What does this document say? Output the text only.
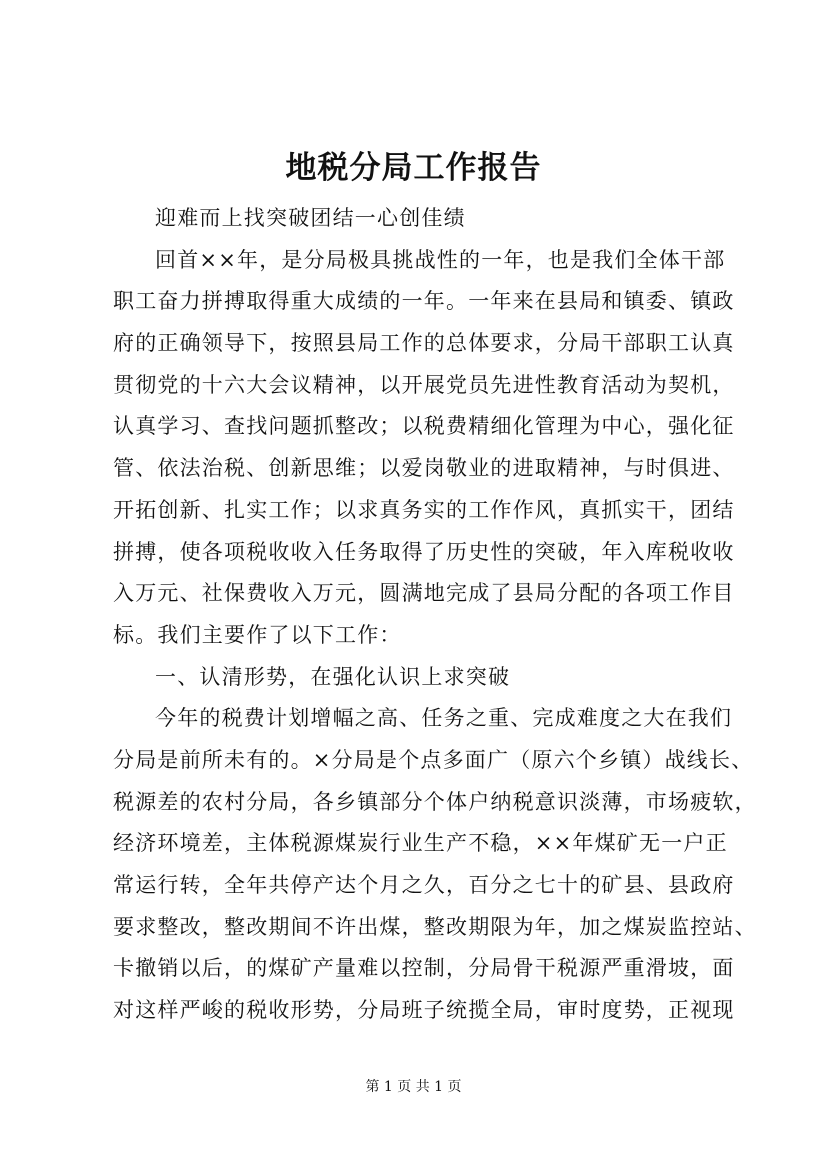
地税分局工作报告
迎难而上找突破团结一心创佳绩
回首××年，是分局极具挑战性的一年，也是我们全体干部
职工奋力拼搏取得重大成绩的一年。一年来在县局和镇委、镇政
府的正确领导下，按照县局工作的总体要求，分局干部职工认真
贯彻党的十六大会议精神，以开展党员先进性教育活动为契机，
认真学习、查找问题抓整改；以税费精细化管理为中心，强化征
管、依法治税、创新思维；以爱岗敬业的进取精神，与时俱进、
开拓创新、扎实工作；以求真务实的工作作风，真抓实干，团结
拼搏，使各项税收收入任务取得了历史性的突破，年入库税收收
入万元、社保费收入万元，圆满地完成了县局分配的各项工作目
标。我们主要作了以下工作：
一、认清形势，在强化认识上求突破
今年的税费计划增幅之高、任务之重、完成难度之大在我们
分局是前所未有的。×分局是个点多面广（原六个乡镇）战线长、
税源差的农村分局，各乡镇部分个体户纳税意识淡薄，市场疲软，
经济环境差，主体税源煤炭行业生产不稳，××年煤矿无一户正
常运行转，全年共停产达个月之久，百分之七十的矿县、县政府
要求整改，整改期间不许出煤，整改期限为年，加之煤炭监控站、
卡撤销以后，的煤矿产量难以控制，分局骨干税源严重滑坡，面
对这样严峻的税收形势，分局班子统揽全局，审时度势，正视现
第 1 页 共 1 页
